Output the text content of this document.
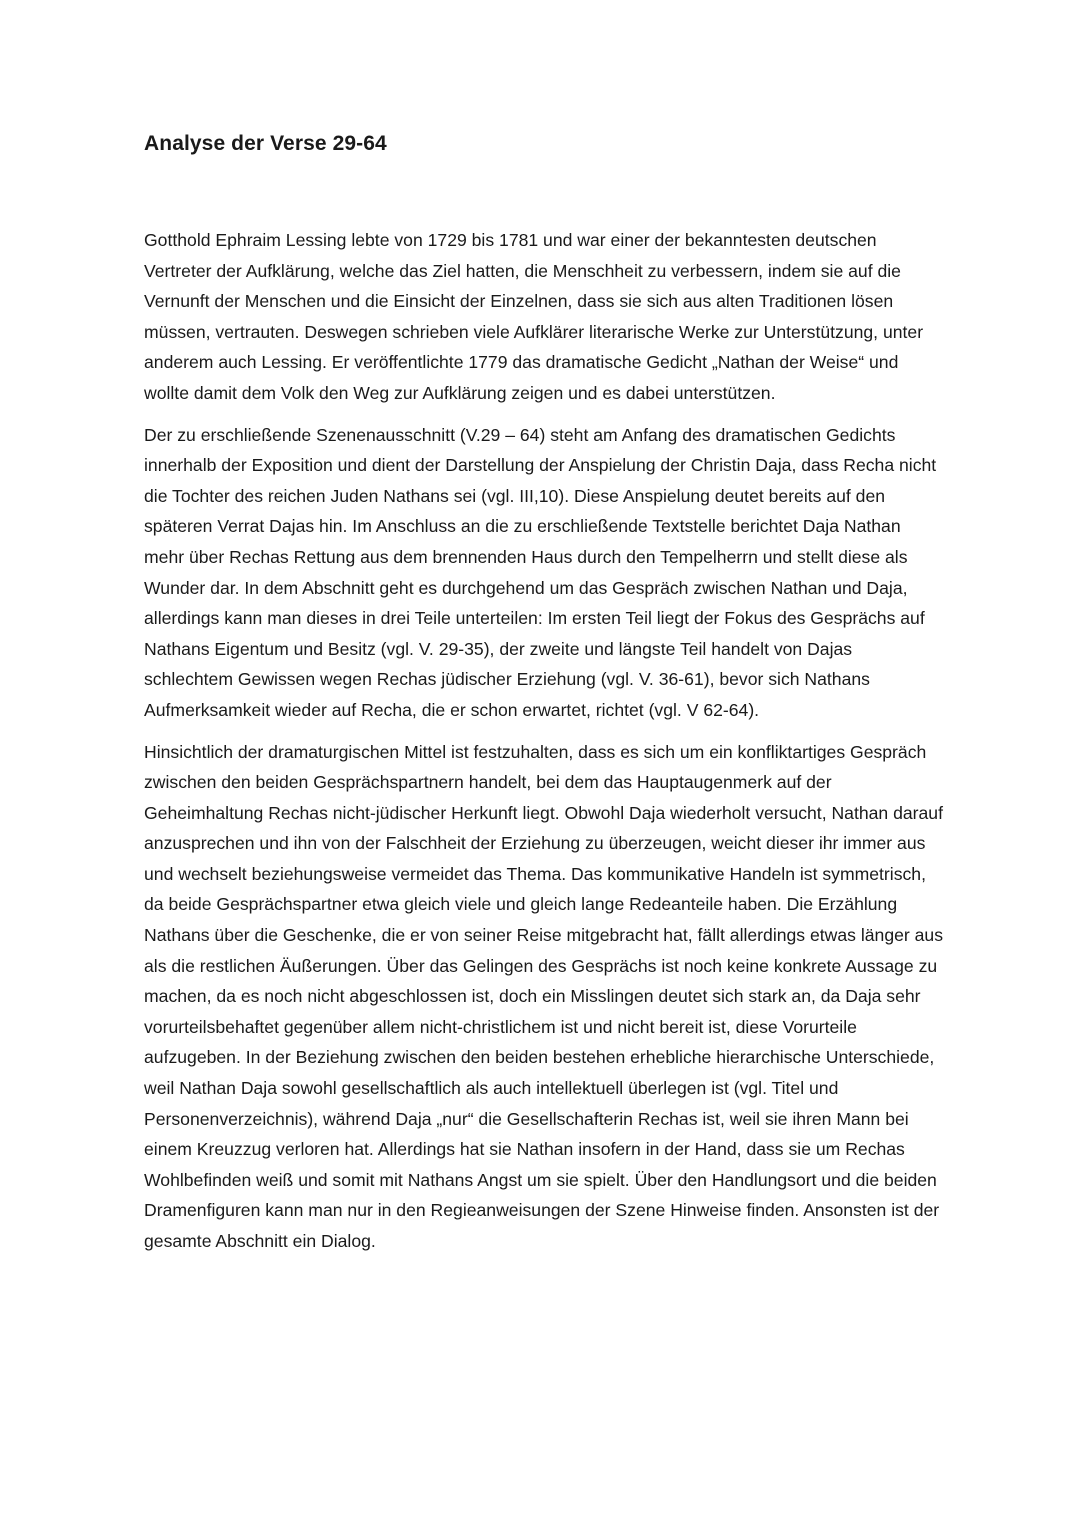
Analyse der Verse 29-64

Gotthold Ephraim Lessing lebte von 1729 bis 1781 und war einer der bekanntesten deutschen Vertreter der Aufklärung, welche das Ziel hatten, die Menschheit zu verbessern, indem sie auf die Vernunft der Menschen und die Einsicht der Einzelnen, dass sie sich aus alten Traditionen lösen müssen, vertrauten. Deswegen schrieben viele Aufklärer literarische Werke zur Unterstützung, unter anderem auch Lessing. Er veröffentlichte 1779 das dramatische Gedicht „Nathan der Weise“ und wollte damit dem Volk den Weg zur Aufklärung zeigen und es dabei unterstützen.

Der zu erschließende Szenenausschnitt (V.29 – 64) steht am Anfang des dramatischen Gedichts innerhalb der Exposition und dient der Darstellung der Anspielung der Christin Daja, dass Recha nicht die Tochter des reichen Juden Nathans sei (vgl. III,10). Diese Anspielung deutet bereits auf den späteren Verrat Dajas hin. Im Anschluss an die zu erschließende Textstelle berichtet Daja Nathan mehr über Rechas Rettung aus dem brennenden Haus durch den Tempelherrn und stellt diese als Wunder dar. In dem Abschnitt geht es durchgehend um das Gespräch zwischen Nathan und Daja, allerdings kann man dieses in drei Teile unterteilen: Im ersten Teil liegt der Fokus des Gesprächs auf Nathans Eigentum und Besitz (vgl. V. 29-35), der zweite und längste Teil handelt von Dajas schlechtem Gewissen wegen Rechas jüdischer Erziehung (vgl. V. 36-61), bevor sich Nathans Aufmerksamkeit wieder auf Recha, die er schon erwartet, richtet (vgl. V 62-64).

Hinsichtlich der dramaturgischen Mittel ist festzuhalten, dass es sich um ein konfliktartiges Gespräch zwischen den beiden Gesprächspartnern handelt, bei dem das Hauptaugenmerk auf der Geheimhaltung Rechas nicht-jüdischer Herkunft liegt. Obwohl Daja wiederholt versucht, Nathan darauf anzusprechen und ihn von der Falschheit der Erziehung zu überzeugen, weicht dieser ihr immer aus und wechselt beziehungsweise vermeidet das Thema. Das kommunikative Handeln ist symmetrisch, da beide Gesprächspartner etwa gleich viele und gleich lange Redeanteile haben. Die Erzählung Nathans über die Geschenke, die er von seiner Reise mitgebracht hat, fällt allerdings etwas länger aus als die restlichen Äußerungen. Über das Gelingen des Gesprächs ist noch keine konkrete Aussage zu machen, da es noch nicht abgeschlossen ist, doch ein Misslingen deutet sich stark an, da Daja sehr vorurteilsbehaftet gegenüber allem nicht-christlichem ist und nicht bereit ist, diese Vorurteile aufzugeben. In der Beziehung zwischen den beiden bestehen erhebliche hierarchische Unterschiede, weil Nathan Daja sowohl gesellschaftlich als auch intellektuell überlegen ist (vgl. Titel und Personenverzeichnis), während Daja „nur“ die Gesellschafterin Rechas ist, weil sie ihren Mann bei einem Kreuzzug verloren hat. Allerdings hat sie Nathan insofern in der Hand, dass sie um Rechas Wohlbefinden weiß und somit mit Nathans Angst um sie spielt. Über den Handlungsort und die beiden Dramenfiguren kann man nur in den Regieanweisungen der Szene Hinweise finden. Ansonsten ist der gesamte Abschnitt ein Dialog.
